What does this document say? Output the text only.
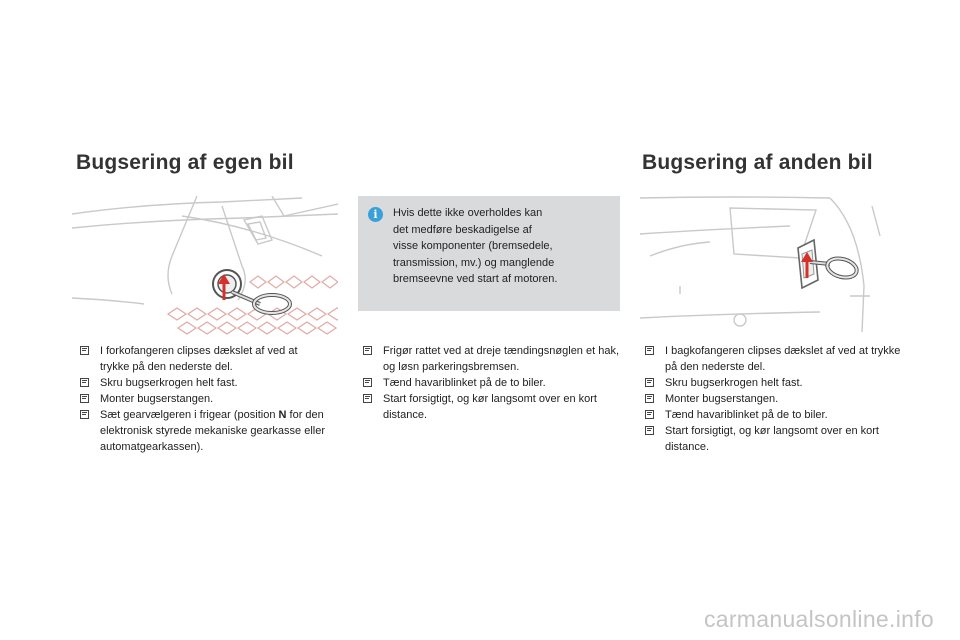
Bugsering af egen bil	Bugsering af anden bil
i	Hvis dette ikke overholdes kan
det medføre beskadigelse af
visse komponenter (bremsedele,
transmission, mv.) og manglende
bremseevne ved start af motoren.
I forkofangeren clipses dækslet af ved at trykke på den nederste del.
Skru bugserkrogen helt fast.
Monter bugserstangen.
Sæt gearvælgeren i frigear (position N for den elektronisk styrede mekaniske gearkasse eller automatgearkassen).
Frigør rattet ved at dreje tændingsnøglen et hak, og løsn parkeringsbremsen.
Tænd havariblinket på de to biler.
Start forsigtigt, og kør langsomt over en kort distance.
I bagkofangeren clipses dækslet af ved at trykke på den nederste del.
Skru bugserkrogen helt fast.
Monter bugserstangen.
Tænd havariblinket på de to biler.
Start forsigtigt, og kør langsomt over en kort distance.
carmanualsonline.info
